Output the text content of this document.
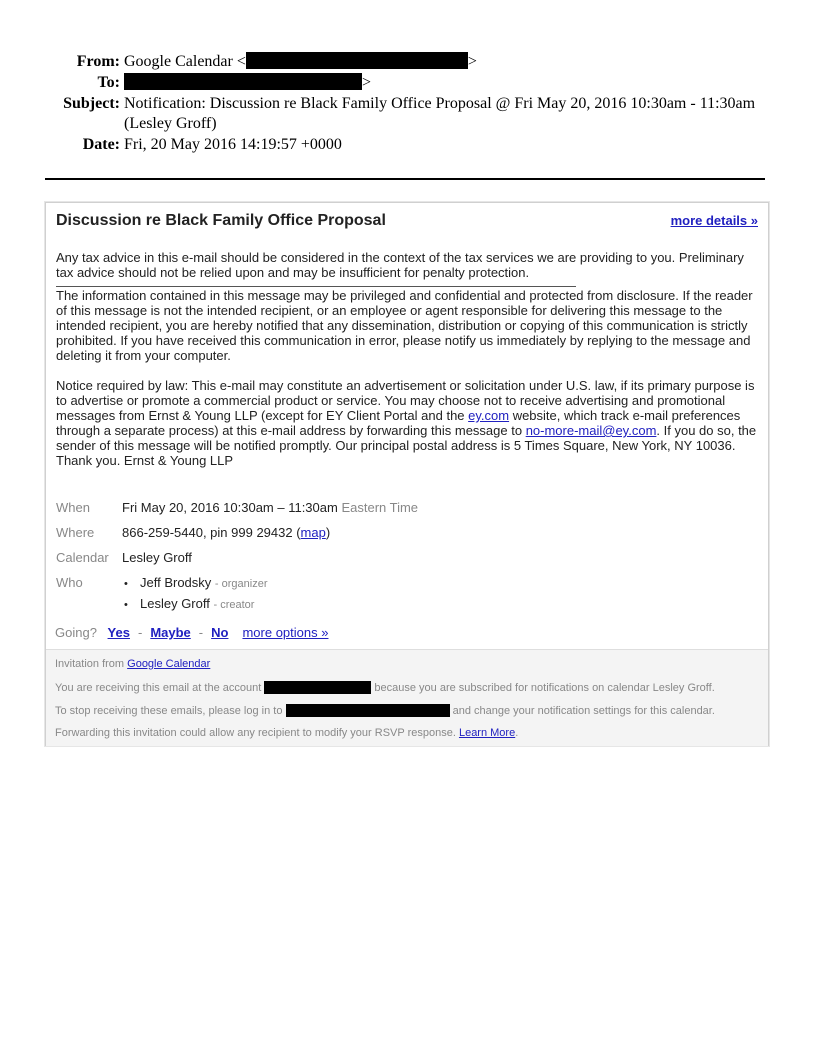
From: Google Calendar <	>
To:	>
Subject: Notification: Discussion re Black Family Office Proposal @ Fri May 20, 2016 10:30am - 11:30am (Lesley Groff)
Date: Fri, 20 May 2016 14:19:57 +0000
Discussion re Black Family Office Proposal	more details »

Any tax advice in this e-mail should be considered in the context of the tax services we are providing to you. Preliminary tax advice should not be relied upon and may be insufficient for penalty protection.

The information contained in this message may be privileged and confidential and protected from disclosure. If the reader of this message is not the intended recipient, or an employee or agent responsible for delivering this message to the intended recipient, you are hereby notified that any dissemination, distribution or copying of this communication is strictly prohibited. If you have received this communication in error, please notify us immediately by replying to the message and deleting it from your computer.

Notice required by law: This e-mail may constitute an advertisement or solicitation under U.S. law, if its primary purpose is to advertise or promote a commercial product or service. You may choose not to receive advertising and promotional messages from Ernst & Young LLP (except for EY Client Portal and the ey.com website, which track e-mail preferences through a separate process) at this e-mail address by forwarding this message to no-more-mail@ey.com. If you do so, the sender of this message will be notified promptly. Our principal postal address is 5 Times Square, New York, NY 10036. Thank you. Ernst & Young LLP

When	Fri May 20, 2016 10:30am – 11:30am Eastern Time
Where	866-259-5440, pin 999 29432 (map)
Calendar	Lesley Groff
Who	• Jeff Brodsky - organizer
• Lesley Groff - creator
Going? Yes - Maybe - No more options »
Invitation from Google Calendar
You are receiving this email at the account	because you are subscribed for notifications on calendar Lesley Groff.
To stop receiving these emails, please log in to	and change your notification settings for this calendar.
Forwarding this invitation could allow any recipient to modify your RSVP response. Learn More.
